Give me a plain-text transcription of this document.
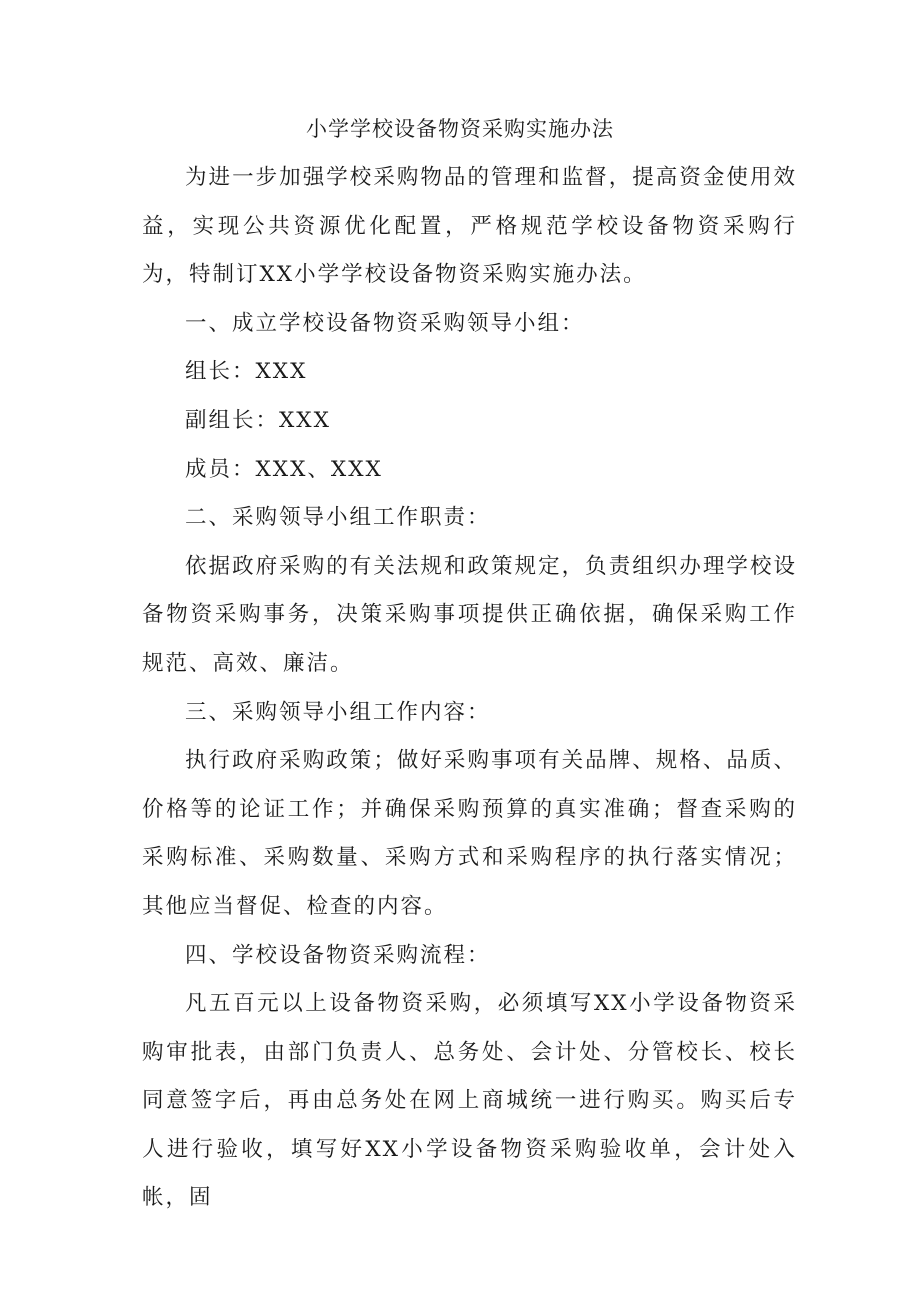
小学学校设备物资采购实施办法

为进一步加强学校采购物品的管理和监督，提高资金使用效益，实现公共资源优化配置，严格规范学校设备物资采购行为，特制订XX小学学校设备物资采购实施办法。

一、成立学校设备物资采购领导小组：

组长：XXX

副组长：XXX

成员：XXX、XXX

二、采购领导小组工作职责：

依据政府采购的有关法规和政策规定，负责组织办理学校设备物资采购事务，决策采购事项提供正确依据，确保采购工作规范、高效、廉洁。

三、采购领导小组工作内容：

执行政府采购政策；做好采购事项有关品牌、规格、品质、价格等的论证工作；并确保采购预算的真实准确；督查采购的采购标准、采购数量、采购方式和采购程序的执行落实情况；其他应当督促、检查的内容。

四、学校设备物资采购流程：

凡五百元以上设备物资采购，必须填写XX小学设备物资采购审批表，由部门负责人、总务处、会计处、分管校长、校长同意签字后，再由总务处在网上商城统一进行购买。购买后专人进行验收，填写好XX小学设备物资采购验收单，会计处入帐，固
